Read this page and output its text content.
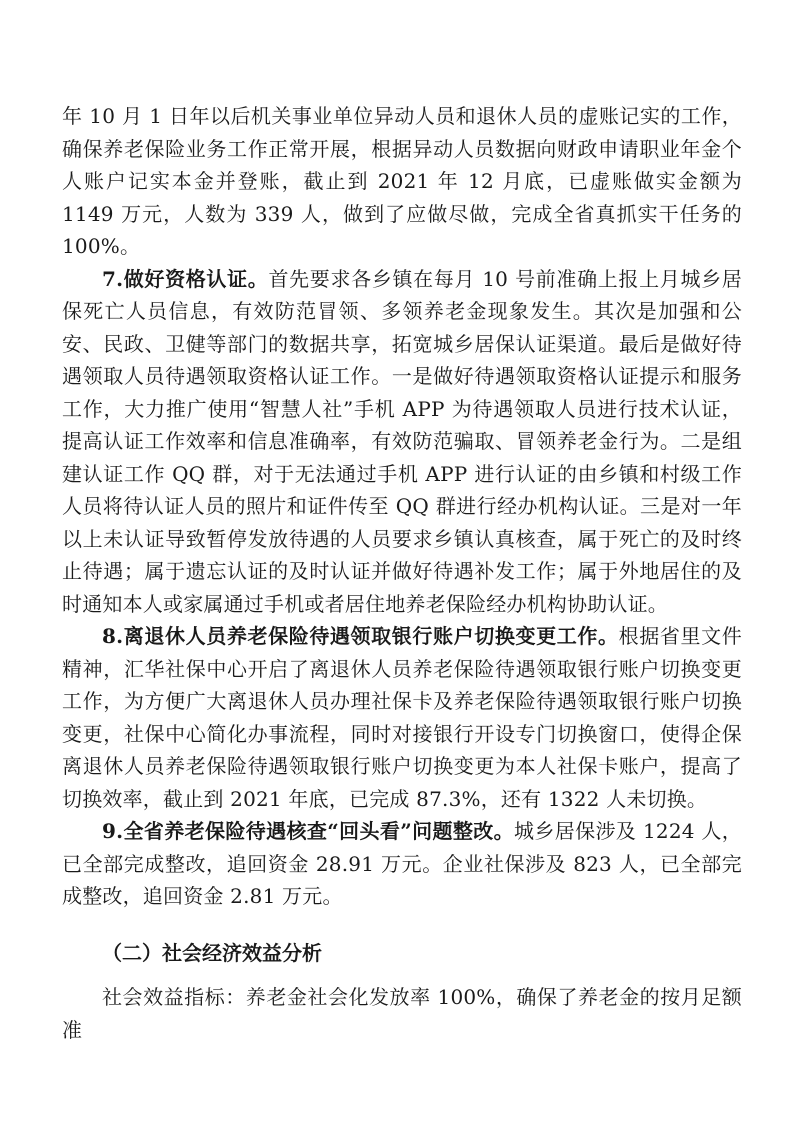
年 10 月 1 日年以后机关事业单位异动人员和退休人员的虚账记实的工作，确保养老保险业务工作正常开展，根据异动人员数据向财政申请职业年金个人账户记实本金并登账，截止到 2021 年 12 月底，已虚账做实金额为 1149 万元，人数为 339 人，做到了应做尽做，完成全省真抓实干任务的100%。

7.做好资格认证。首先要求各乡镇在每月 10 号前准确上报上月城乡居保死亡人员信息，有效防范冒领、多领养老金现象发生。其次是加强和公安、民政、卫健等部门的数据共享，拓宽城乡居保认证渠道。最后是做好待遇领取人员待遇领取资格认证工作。一是做好待遇领取资格认证提示和服务工作，大力推广使用“智慧人社”手机 APP 为待遇领取人员进行技术认证，提高认证工作效率和信息准确率，有效防范骗取、冒领养老金行为。二是组建认证工作 QQ 群，对于无法通过手机 APP 进行认证的由乡镇和村级工作人员将待认证人员的照片和证件传至 QQ 群进行经办机构认证。三是对一年以上未认证导致暂停发放待遇的人员要求乡镇认真核查，属于死亡的及时终止待遇；属于遗忘认证的及时认证并做好待遇补发工作；属于外地居住的及时通知本人或家属通过手机或者居住地养老保险经办机构协助认证。

8.离退休人员养老保险待遇领取银行账户切换变更工作。根据省里文件精神，汇华社保中心开启了离退休人员养老保险待遇领取银行账户切换变更工作，为方便广大离退休人员办理社保卡及养老保险待遇领取银行账户切换变更，社保中心简化办事流程，同时对接银行开设专门切换窗口，使得企保离退休人员养老保险待遇领取银行账户切换变更为本人社保卡账户，提高了切换效率，截止到 2021 年底，已完成 87.3%，还有 1322 人未切换。

9.全省养老保险待遇核查“回头看”问题整改。城乡居保涉及 1224 人，已全部完成整改，追回资金 28.91 万元。企业社保涉及 823 人，已全部完成整改，追回资金 2.81 万元。

（二）社会经济效益分析

社会效益指标：养老金社会化发放率 100%，确保了养老金的按月足额准
